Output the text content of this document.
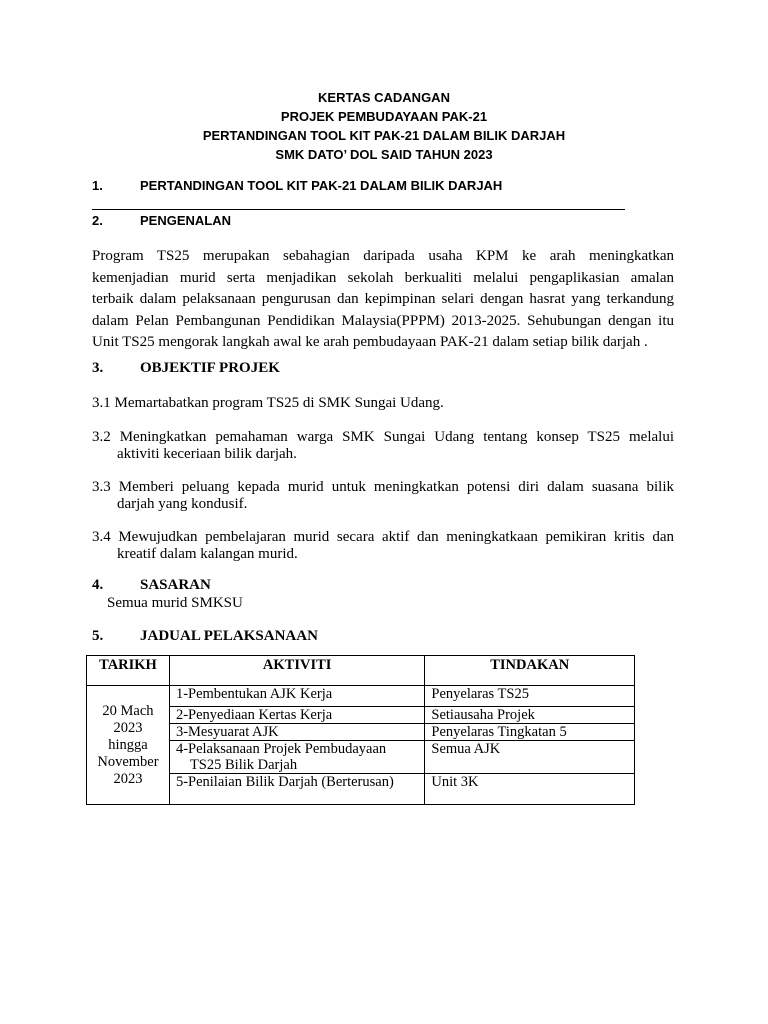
KERTAS CADANGAN
PROJEK PEMBUDAYAAN PAK-21
PERTANDINGAN TOOL KIT PAK-21 DALAM BILIK DARJAH
SMK DATO’ DOL SAID TAHUN 2023
1.	PERTANDINGAN TOOL KIT PAK-21 DALAM BILIK DARJAH
2.	PENGENALAN
Program TS25 merupakan sebahagian daripada usaha KPM ke arah meningkatkan
kemenjadian murid serta menjadikan sekolah berkualiti melalui pengaplikasian amalan
terbaik dalam pelaksanaan pengurusan dan kepimpinan selari dengan hasrat yang terkandung
dalam Pelan Pembangunan Pendidikan Malaysia(PPPM) 2013-2025. Sehubungan dengan itu
Unit TS25 mengorak langkah awal ke arah pembudayaan PAK-21 dalam setiap bilik darjah .
3. OBJEKTIF PROJEK
3.1 Memartabatkan program TS25 di SMK Sungai Udang.
3.2 Meningkatkan pemahaman warga SMK Sungai Udang tentang konsep TS25 melalui
aktiviti keceriaan bilik darjah.
3.3 Memberi peluang kepada murid untuk meningkatkan potensi diri dalam suasana bilik
darjah yang kondusif.
3.4 Mewujudkan pembelajaran murid secara aktif dan meningkatkaan pemikiran kritis dan
kreatif dalam kalangan murid.
4. SASARAN
Semua murid SMKSU
5. JADUAL PELAKSANAAN
TARIKH	AKTIVITI	TINDAKAN

20 Mach
2023
hingga
November
2023	1-Pembentukan AJK Kerja	Penyelaras TS25
	2-Penyediaan Kertas Kerja	Setiausaha Projek
	3-Mesyuarat AJK	Penyelaras Tingkatan 5
	4-Pelaksanaan Projek Pembudayaan
TS25 Bilik Darjah	Semua AJK
	5-Penilaian Bilik Darjah (Berterusan)	Unit 3K
